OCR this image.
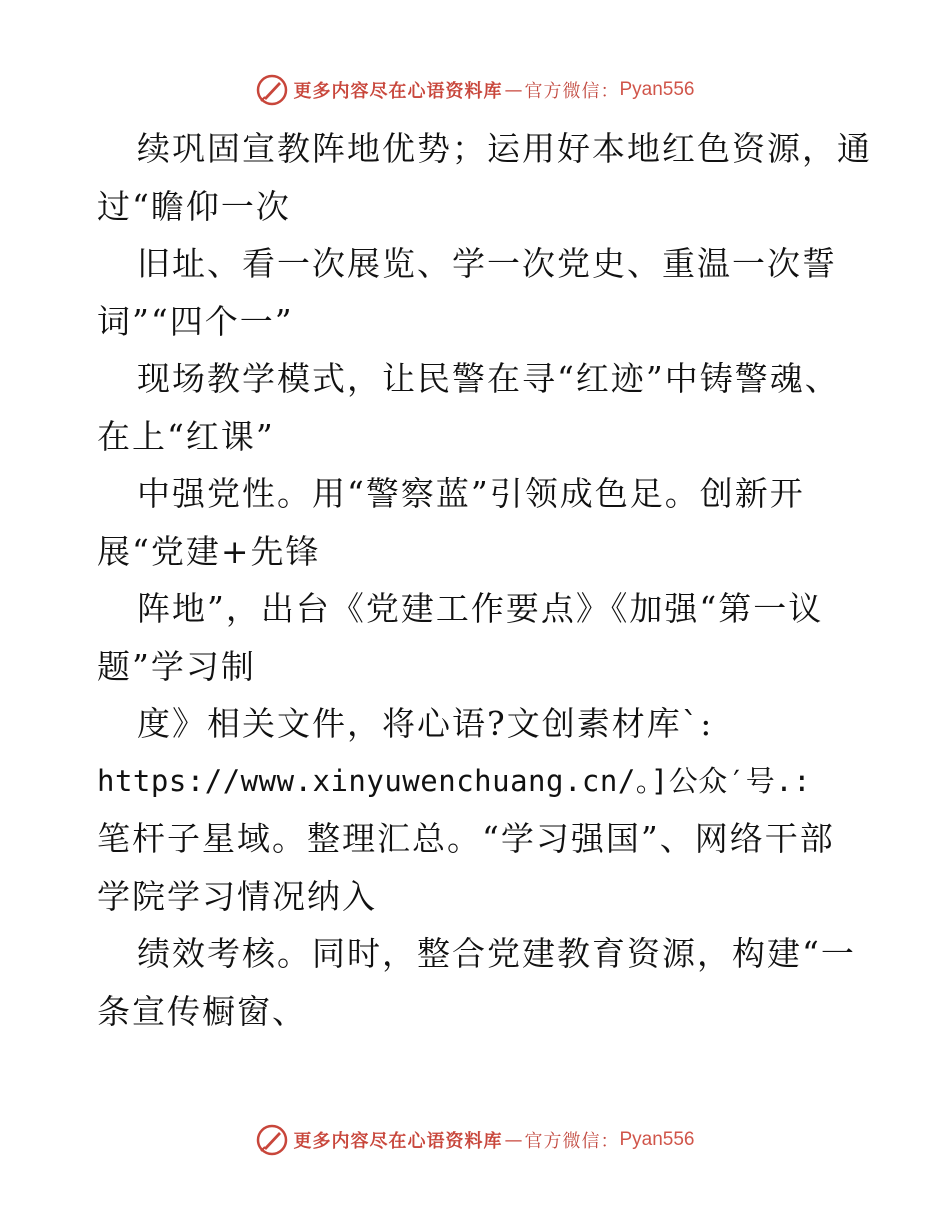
更多内容尽在心语资料库 — 官方微信： Pyan556
续巩固宣教阵地优势；运用好本地红色资源，通
过“瞻仰一次
旧址、看一次展览、学一次党史、重温一次誓
词”“四个一”
现场教学模式，让民警在寻“红迹”中铸警魂、
在上“红课”
中强党性。用“警察蓝”引领成色足。创新开
展“党建+先锋
阵地”，出台《党建工作要点》《加强“第一议
题”学习制
度》相关文件，将心语?文创素材库`:
https://www.xinyuwenchuang.cn/。]公众′号.:
笔杆子星域。整理汇总。“学习强国”、网络干部
学院学习情况纳入
绩效考核。同时，整合党建教育资源，构建“一
条宣传橱窗、
更多内容尽在心语资料库 — 官方微信： Pyan556
